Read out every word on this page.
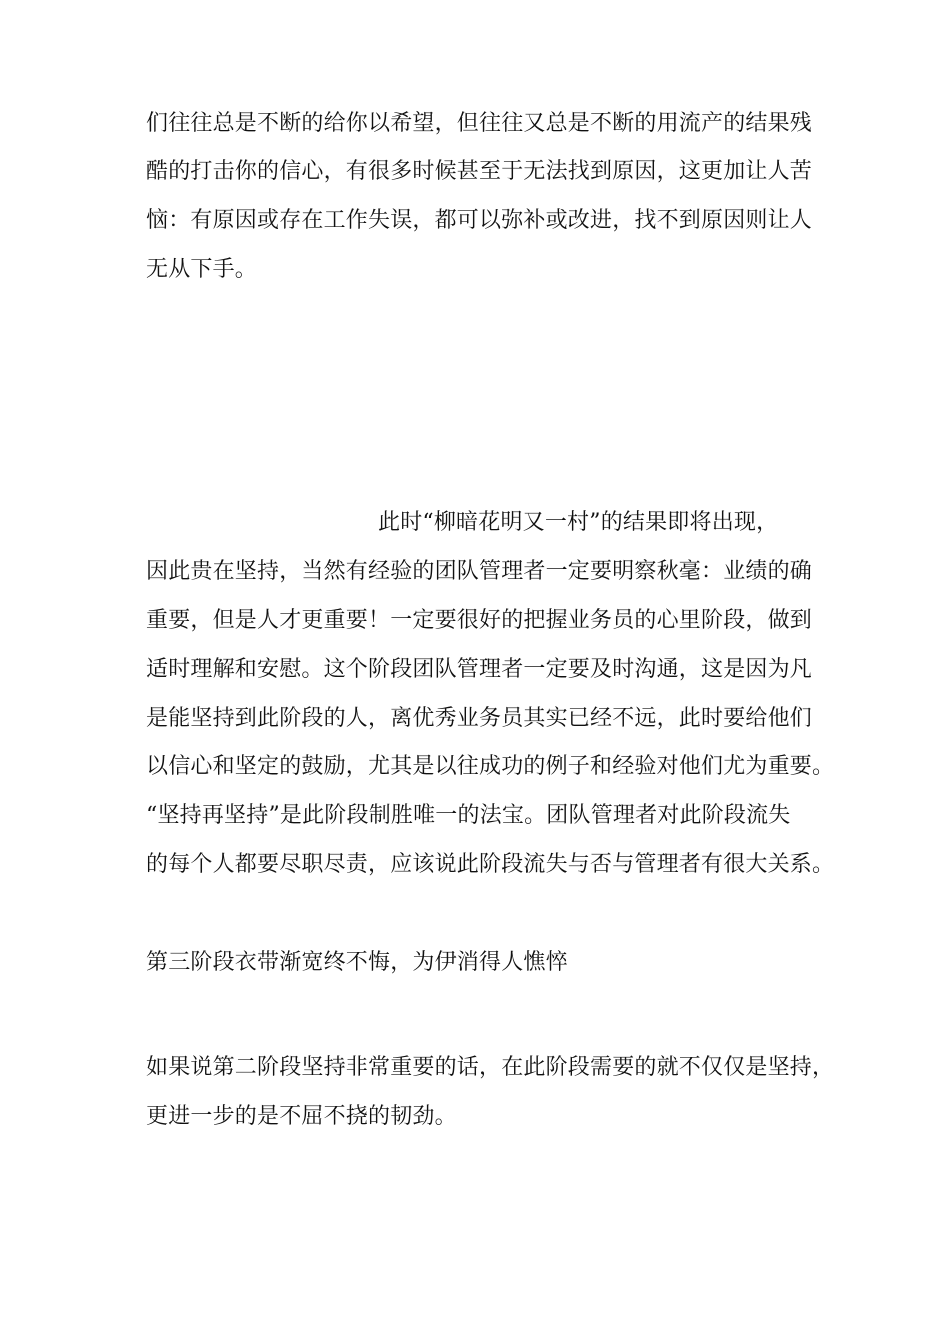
们往往总是不断的给你以希望，但往往又总是不断的用流产的结果残
酷的打击你的信心，有很多时候甚至于无法找到原因，这更加让人苦
恼：有原因或存在工作失误，都可以弥补或改进，找不到原因则让人
无从下手。
此时“柳暗花明又一村”的结果即将出现，
因此贵在坚持，当然有经验的团队管理者一定要明察秋毫：业绩的确
重要，但是人才更重要！一定要很好的把握业务员的心里阶段，做到
适时理解和安慰。这个阶段团队管理者一定要及时沟通，这是因为凡
是能坚持到此阶段的人，离优秀业务员其实已经不远，此时要给他们
以信心和坚定的鼓励，尤其是以往成功的例子和经验对他们尤为重要。
“坚持再坚持”是此阶段制胜唯一的法宝。团队管理者对此阶段流失
的每个人都要尽职尽责，应该说此阶段流失与否与管理者有很大关系。
第三阶段衣带渐宽终不悔，为伊消得人憔悴
如果说第二阶段坚持非常重要的话，在此阶段需要的就不仅仅是坚持，
更进一步的是不屈不挠的韧劲。
